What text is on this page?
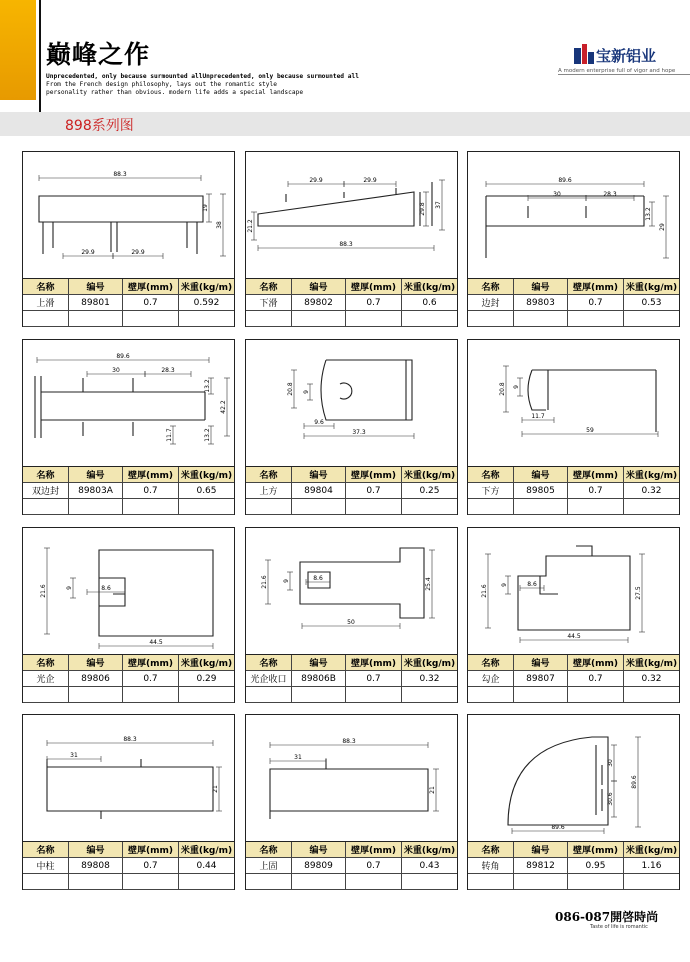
巅峰之作
Unprecedented, only because surmounted allUnprecedented, only because surmounted all
From the French design philosophy, lays out the romantic style
personality rather than obvious. modern life adds a special landscape
宝新铝业
A modern enterprise full of vigor and hope
898系列图
88.3
29.9	29.9
19
38
名称	编号	壁厚(mm) 米重(kg/m)
上滑	89801	0.7	0.592
29.9	29.9
21.2
88.3
29.8 37
名称	编号	壁厚(mm) 米重(kg/m)
下滑	89802	0.7	0.6
89.6
30	28.3
13.2
29
名称	编号	壁厚(mm) 米重(kg/m)
边封	89803	0.7	0.53
89.6
30	28.3
13.2
42.2
11.7	13.2
名称	编号	壁厚(mm) 米重(kg/m)
双边封	89803A	0.7	0.65
20.8 9
9.6
37.3
名称	编号	壁厚(mm) 米重(kg/m)
上方	89804	0.7	0.25
20.8 9
11.7
59
名称	编号	壁厚(mm) 米重(kg/m)
下方	89805	0.7	0.32
21.6	9	8.6
44.5
名称	编号	壁厚(mm) 米重(kg/m)
光企	89806	0.7	0.29
21.6	9	8.6
50
25.4
名称	编号	壁厚(mm) 米重(kg/m)
光企收口	89806B	0.7	0.32
21.6 9	8.6
44.5
27.5
名称	编号	壁厚(mm) 米重(kg/m)
勾企	89807	0.7	0.32
88.3
31
21
名称	编号	壁厚(mm) 米重(kg/m)
中柱	89808	0.7	0.44
88.3
31
21
名称	编号	壁厚(mm) 米重(kg/m)
上固	89809	0.7	0.43
30
30.6
89.6
89.6
名称	编号	壁厚(mm) 米重(kg/m)
转角	89812	0.95	1.16
086-087開啓時尚
Taste of life is romantic
